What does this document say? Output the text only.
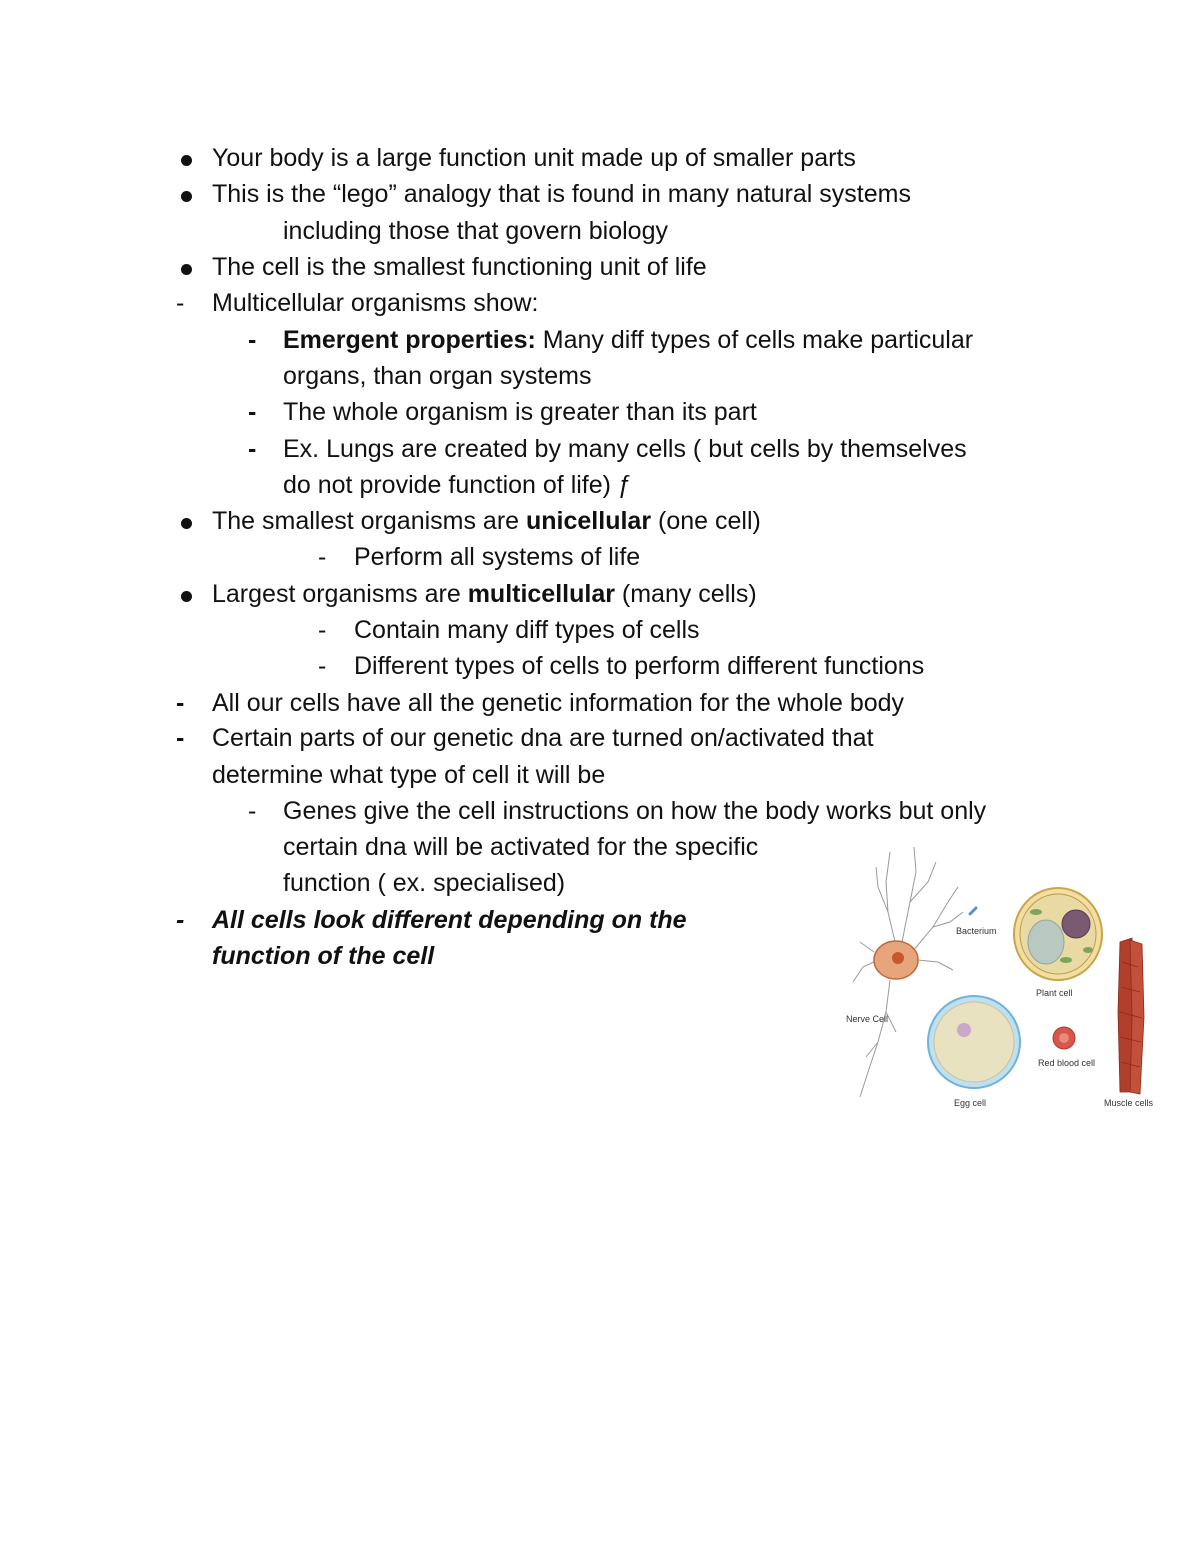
Your body is a large function unit made up of smaller parts
This is the “lego” analogy that is found in many natural systems
including those that govern biology
The cell is the smallest functioning unit of life
- Multicellular organisms show:
- Emergent properties: Many diff types of cells make particular
organs, than organ systems
- The whole organism is greater than its part
- Ex. Lungs are created by many cells ( but cells by themselves
do not provide function of life) ƒ
The smallest organisms are unicellular (one cell)
- Perform all systems of life
Largest organisms are multicellular (many cells)
- Contain many diff types of cells
- Different types of cells to perform different functions
- All our cells have all the genetic information for the whole body
- Certain parts of our genetic dna are turned on/activated that
determine what type of cell it will be
- Genes give the cell instructions on how the body works but only
certain dna will be activated for the specific
function ( ex. specialised)
- All cells look different depending on the
function of the cell
Bacterium
Plant cell
Nerve Cell
Red blood cell
Egg cell	Muscle cells
